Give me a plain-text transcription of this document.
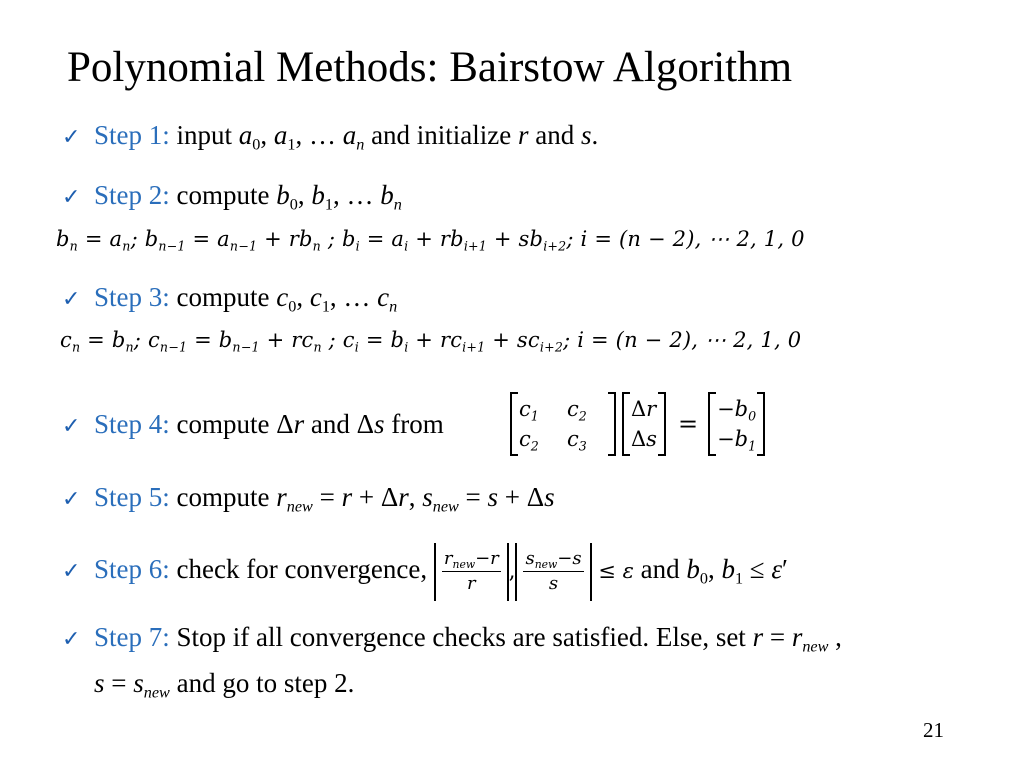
Polynomial Methods: Bairstow Algorithm
✓ Step 1: input $a_0$, $a_1$, … $a_n$ and initialize r and s.
✓ Step 2: compute $b_0$, $b_1$, … $b_n$
$b_n = a_n$; $b_{n-1} = a_{n-1} + rb_n$ ; $b_i = a_i + rb_{i+1} + sb_{i+2}$; i = (n − 2), ⋯ 2, 1, 0
✓ Step 3: compute $c_0$, $c_1$, … $c_n$
$c_n = b_n$; $c_{n-1} = b_{n-1} + rc_n$ ; $c_i = b_i + rc_{i+1} + sc_{i+2}$; i = (n − 2), ⋯ 2, 1, 0
✓ Step 4: compute Δr and Δs from	$c_1$	$c_2$
$c_2$	$c_3$
Δr
Δs
=
$-b_0$
$-b_1$
✓ Step 5: compute $r_{new} = r + \Delta r$, $s_{new} = s + \Delta s$
✓ Step 6: check for convergence, $\frac{r_{new}-r}{r}$ , $\frac{s_{new}-s}{s} \le \varepsilon$ and $b_0$, $b_1 \le \varepsilon'$
✓ Step 7: Stop if all convergence checks are satisfied. Else, set $r = r_{new}$ ,
$s = s_{new}$ and go to step 2.
21
